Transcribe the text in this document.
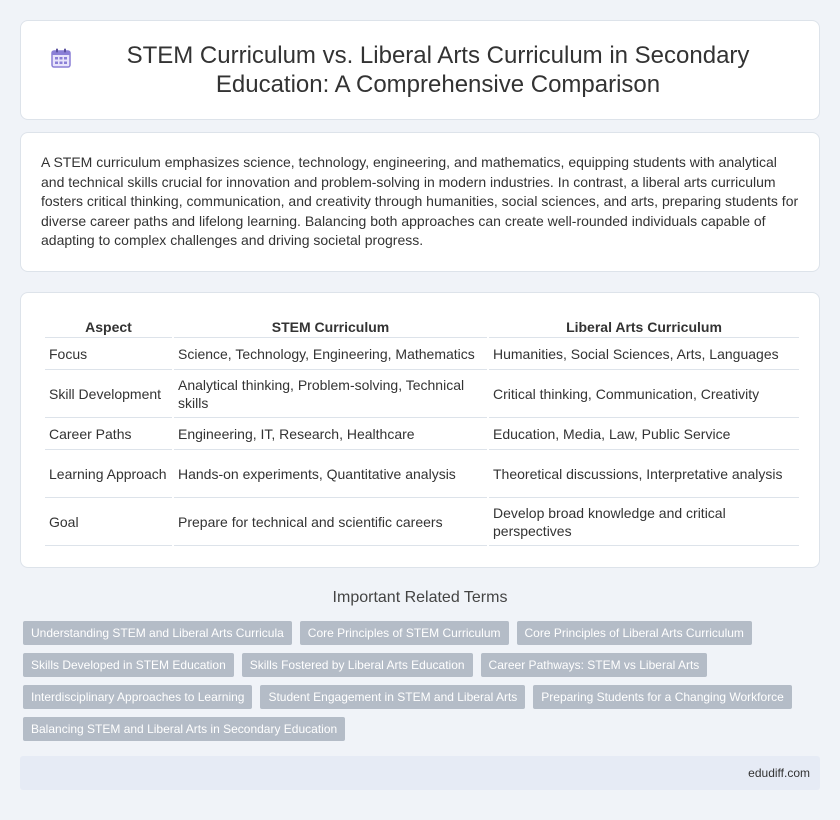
STEM Curriculum vs. Liberal Arts Curriculum in Secondary Education: A Comprehensive Comparison

A STEM curriculum emphasizes science, technology, engineering, and mathematics, equipping students with analytical and technical skills crucial for innovation and problem-solving in modern industries. In contrast, a liberal arts curriculum fosters critical thinking, communication, and creativity through humanities, social sciences, and arts, preparing students for diverse career paths and lifelong learning. Balancing both approaches can create well-rounded individuals capable of adapting to complex challenges and driving societal progress.

Aspect	STEM Curriculum	Liberal Arts Curriculum
Focus	Science, Technology, Engineering, Mathematics	Humanities, Social Sciences, Arts, Languages
Skill Development	Analytical thinking, Problem-solving, Technical skills	Critical thinking, Communication, Creativity
Career Paths	Engineering, IT, Research, Healthcare	Education, Media, Law, Public Service
Learning Approach	Hands-on experiments, Quantitative analysis	Theoretical discussions, Interpretative analysis
Goal	Prepare for technical and scientific careers	Develop broad knowledge and critical perspectives
Important Related Terms
Understanding STEM and Liberal Arts Curricula	Core Principles of STEM Curriculum	Core Principles of Liberal Arts Curriculum
Skills Developed in STEM Education	Skills Fostered by Liberal Arts Education	Career Pathways: STEM vs Liberal Arts
Interdisciplinary Approaches to Learning	Student Engagement in STEM and Liberal Arts	Preparing Students for a Changing Workforce
Balancing STEM and Liberal Arts in Secondary Education
edudiff.com
